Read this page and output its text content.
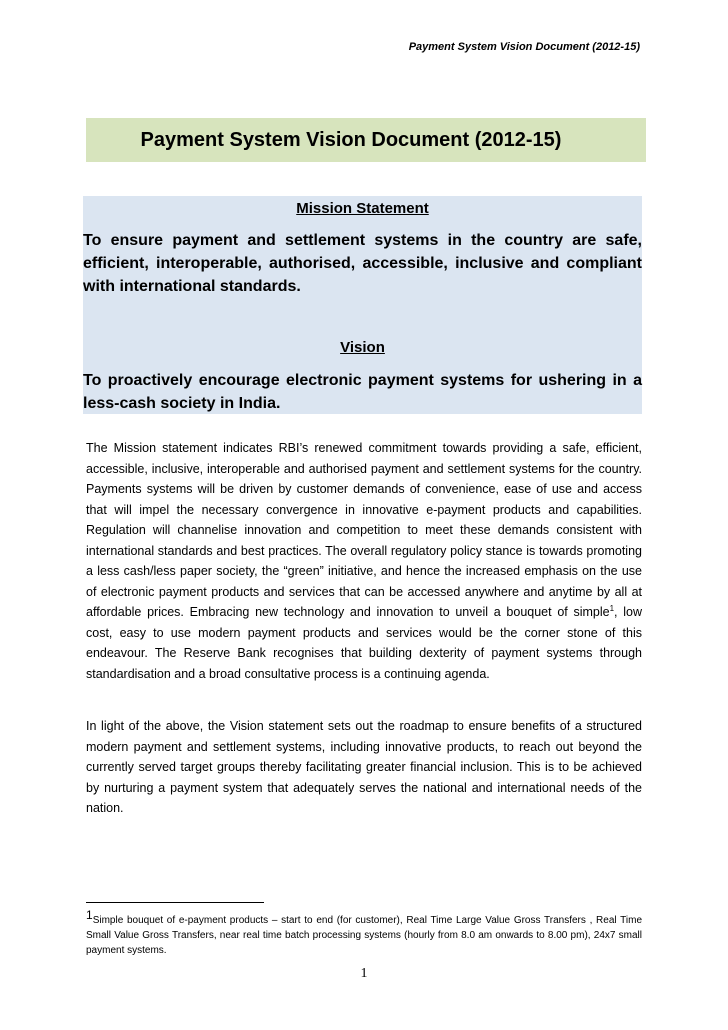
Payment System Vision Document (2012-15)
Payment System Vision Document (2012-15)
Mission Statement
To ensure payment and settlement systems in the country are safe, efficient, interoperable, authorised, accessible, inclusive and compliant with international standards.
Vision
To proactively encourage electronic payment systems for ushering in a less-cash society in India.

The Mission statement indicates RBI’s renewed commitment towards providing a safe, efficient, accessible, inclusive, interoperable and authorised payment and settlement systems for the country. Payments systems will be driven by customer demands of convenience, ease of use and access that will impel the necessary convergence in innovative e-payment products and capabilities. Regulation will channelise innovation and competition to meet these demands consistent with international standards and best practices. The overall regulatory policy stance is towards promoting a less cash/less paper society, the “green” initiative, and hence the increased emphasis on the use of electronic payment products and services that can be accessed anywhere and anytime by all at affordable prices. Embracing new technology and innovation to unveil a bouquet of simple$^1$, low cost, easy to use modern payment products and services would be the corner stone of this endeavour. The Reserve Bank recognises that building dexterity of payment systems through standardisation and a broad consultative process is a continuing agenda.

In light of the above, the Vision statement sets out the roadmap to ensure benefits of a structured modern payment and settlement systems, including innovative products, to reach out beyond the currently served target groups thereby facilitating greater financial inclusion. This is to be achieved by nurturing a payment system that adequately serves the national and international needs of the nation.

1Simple bouquet of e-payment products – start to end (for customer), Real Time Large Value Gross Transfers , Real Time Small Value Gross Transfers, near real time batch processing systems (hourly from 8.0 am onwards to 8.00 pm), 24x7 small payment systems.

1
